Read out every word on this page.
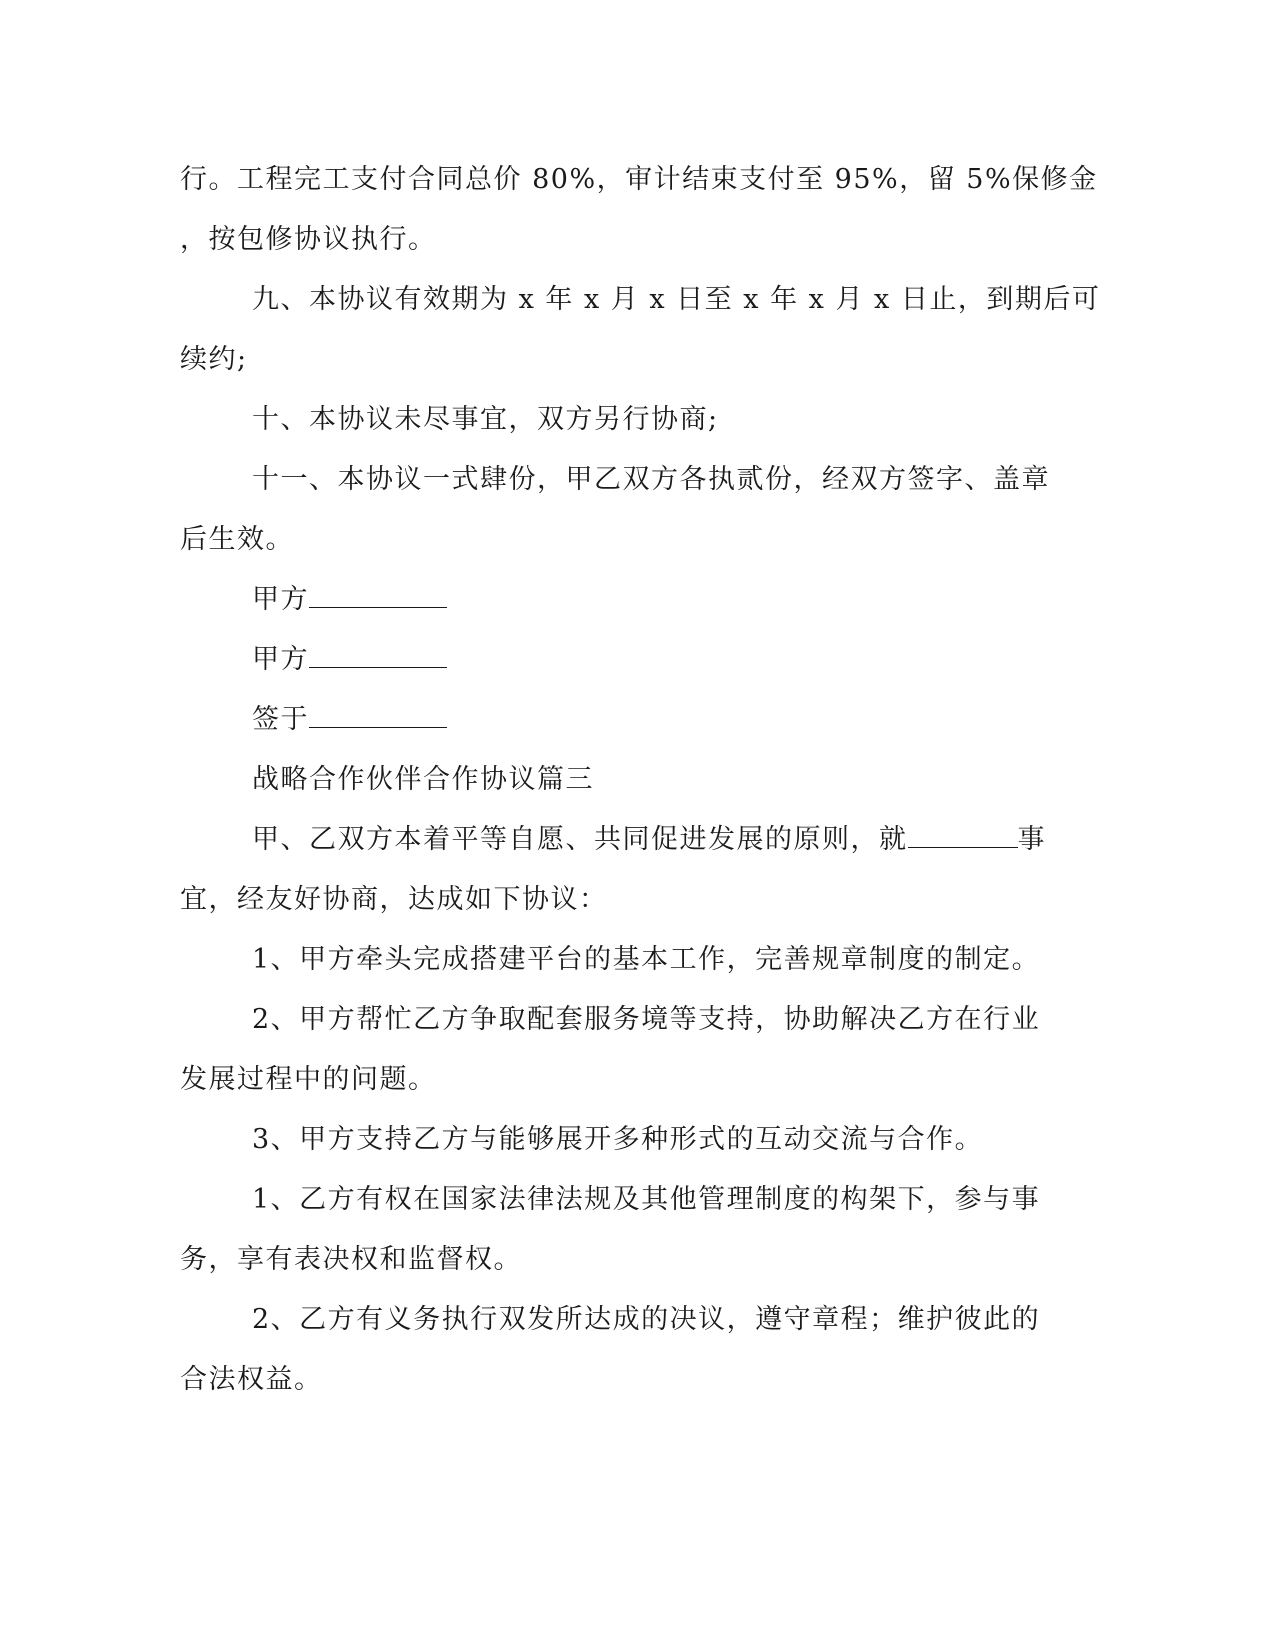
行。工程完工支付合同总价 80%，审计结束支付至 95%，留 5%保修金
，按包修协议执行。
九、本协议有效期为 x 年 x 月 x 日至 x 年 x 月 x 日止，到期后可
续约;
十、本协议未尽事宜，双方另行协商;
十一、本协议一式肆份，甲乙双方各执贰份，经双方签字、盖章
后生效。
甲方
甲方
签于
战略合作伙伴合作协议篇三
甲、乙双方本着平等自愿、共同促进发展的原则，就	事
宜，经友好协商，达成如下协议：
1、甲方牵头完成搭建平台的基本工作，完善规章制度的制定。
2、甲方帮忙乙方争取配套服务境等支持，协助解决乙方在行业
发展过程中的问题。
3、甲方支持乙方与能够展开多种形式的互动交流与合作。
1、乙方有权在国家法律法规及其他管理制度的构架下，参与事
务，享有表决权和监督权。
2、乙方有义务执行双发所达成的决议，遵守章程；维护彼此的
合法权益。
